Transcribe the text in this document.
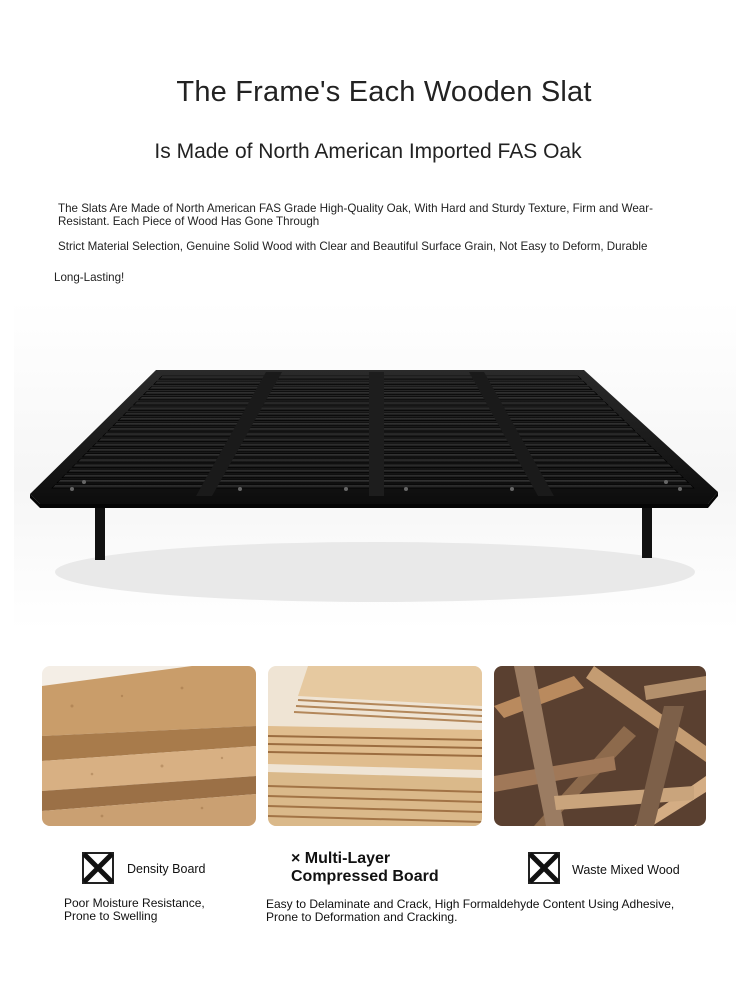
The Frame's Each Wooden Slat
Is Made of North American Imported FAS Oak

The Slats Are Made of North American FAS Grade High-Quality Oak, With Hard and Sturdy Texture, Firm and Wear-Resistant. Each Piece of Wood Has Gone Through

Strict Material Selection, Genuine Solid Wood with Clear and Beautiful Surface Grain, Not Easy to Deform, Durable

Long-Lasting!

Density Board

× Multi-Layer Compressed Board	Waste Mixed Wood

Poor Moisture Resistance, Prone to Swelling

Easy to Delaminate and Crack, High Formaldehyde Content Using Adhesive, Prone to Deformation and Cracking.
